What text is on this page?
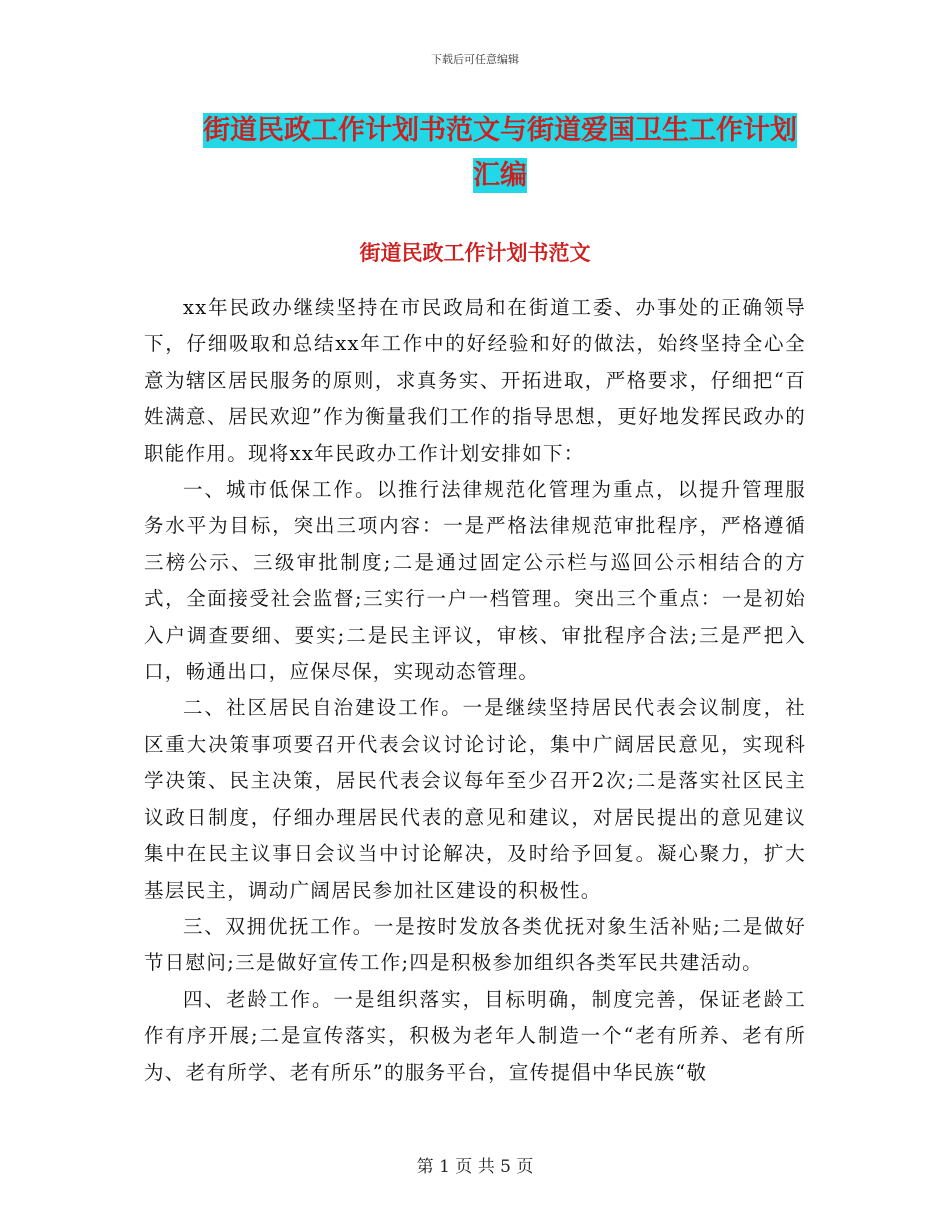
下载后可任意编辑
街道民政工作计划书范文与街道爱国卫生工作计划汇编
街道民政工作计划书范文

xx年民政办继续坚持在市民政局和在街道工委、办事处的正确领导下，仔细吸取和总结xx年工作中的好经验和好的做法，始终坚持全心全意为辖区居民服务的原则，求真务实、开拓进取，严格要求，仔细把“百姓满意、居民欢迎”作为衡量我们工作的指导思想，更好地发挥民政办的职能作用。现将xx年民政办工作计划安排如下：

一、城市低保工作。以推行法律规范化管理为重点，以提升管理服务水平为目标，突出三项内容：一是严格法律规范审批程序，严格遵循三榜公示、三级审批制度;二是通过固定公示栏与巡回公示相结合的方式，全面接受社会监督;三实行一户一档管理。突出三个重点：一是初始入户调查要细、要实;二是民主评议，审核、审批程序合法;三是严把入口，畅通出口，应保尽保，实现动态管理。

二、社区居民自治建设工作。一是继续坚持居民代表会议制度，社区重大决策事项要召开代表会议讨论讨论，集中广阔居民意见，实现科学决策、民主决策，居民代表会议每年至少召开2次;二是落实社区民主议政日制度，仔细办理居民代表的意见和建议，对居民提出的意见建议集中在民主议事日会议当中讨论解决，及时给予回复。凝心聚力，扩大基层民主，调动广阔居民参加社区建设的积极性。

三、双拥优抚工作。一是按时发放各类优抚对象生活补贴;二是做好节日慰问;三是做好宣传工作;四是积极参加组织各类军民共建活动。

四、老龄工作。一是组织落实，目标明确，制度完善，保证老龄工作有序开展;二是宣传落实，积极为老年人制造一个“老有所养、老有所为、老有所学、老有所乐”的服务平台，宣传提倡中华民族“敬

第 1 页 共 5 页
